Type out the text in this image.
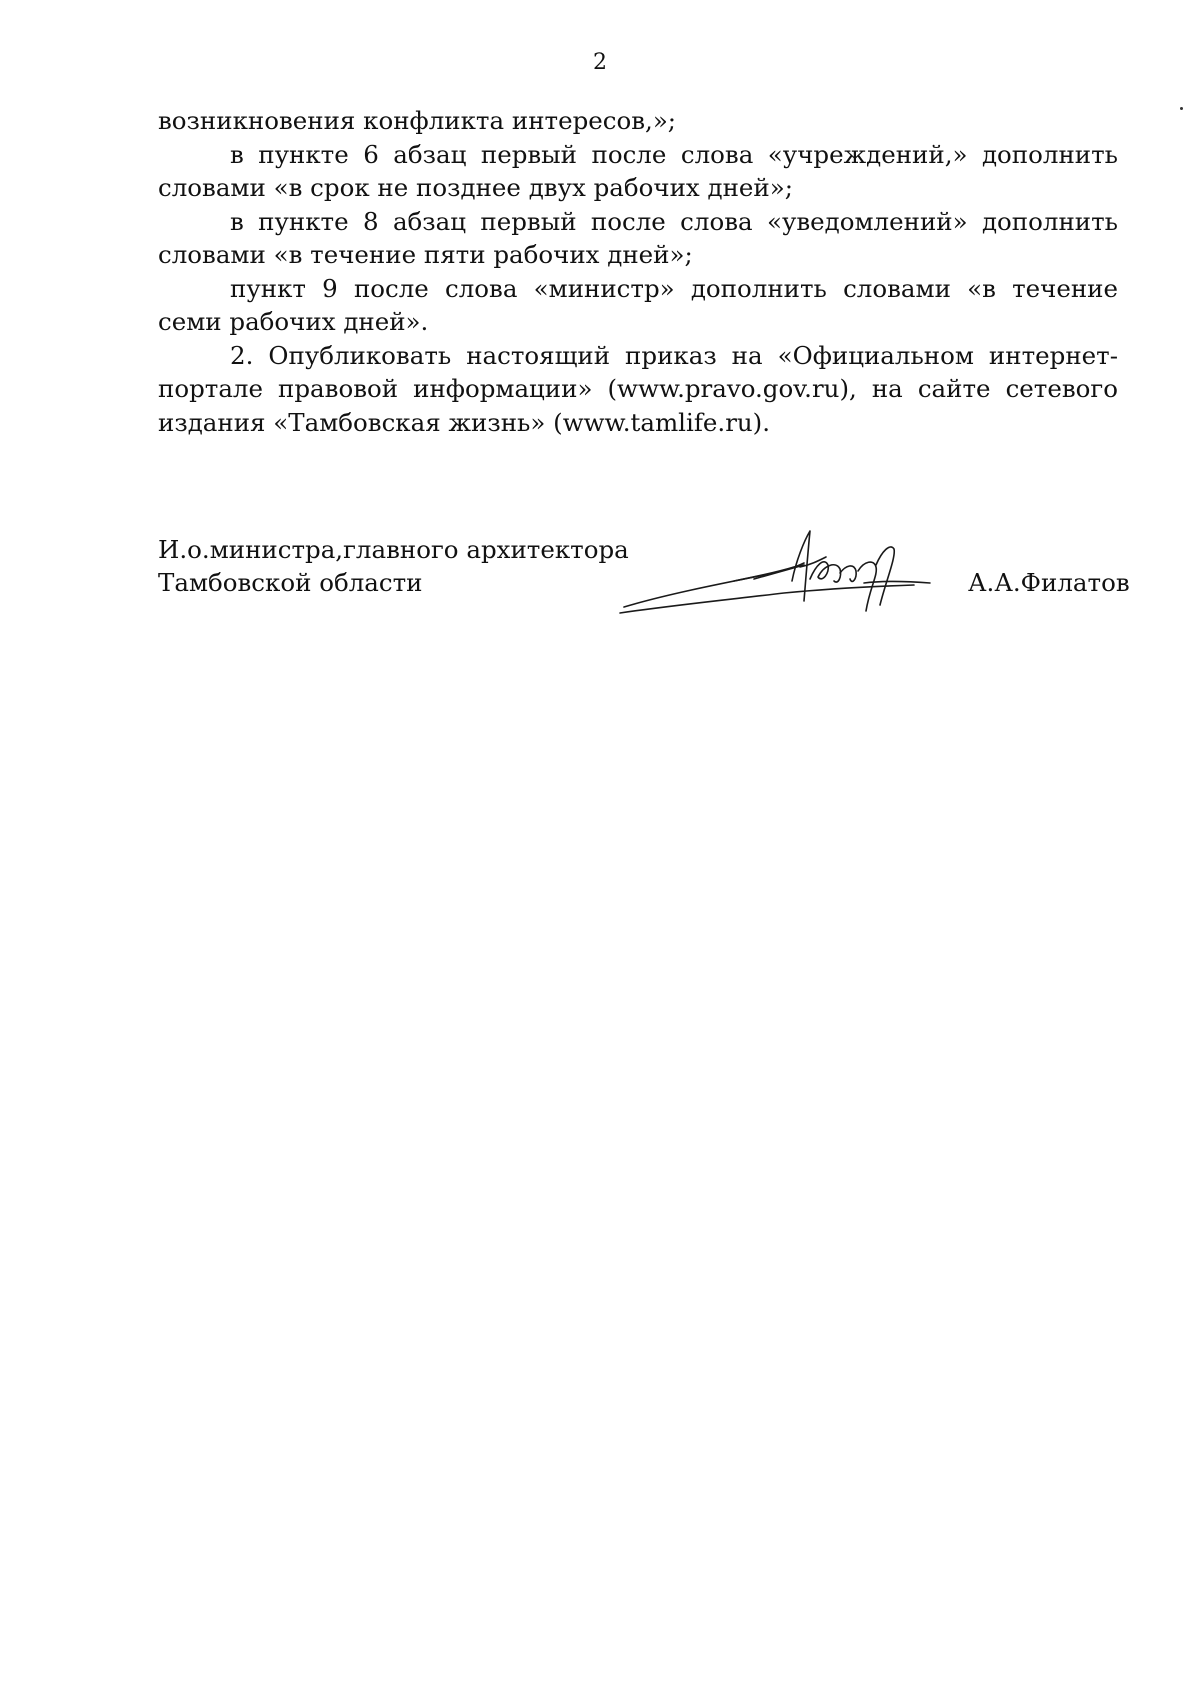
2

возникновения конфликта интересов,»;

в пункте 6 абзац первый после слова «учреждений,» дополнить словами «в срок не позднее двух рабочих дней»;

в пункте 8 абзац первый после слова «уведомлений» дополнить словами «в течение пяти рабочих дней»;

пункт 9 после слова «министр» дополнить словами «в течение семи рабочих дней».

2. Опубликовать настоящий приказ на «Официальном интернет-портале правовой информации» (www.pravo.gov.ru), на сайте сетевого издания «Тамбовская жизнь» (www.tamlife.ru).

И.о.министра,главного архитектора
Тамбовской области	А.А.Филатов
